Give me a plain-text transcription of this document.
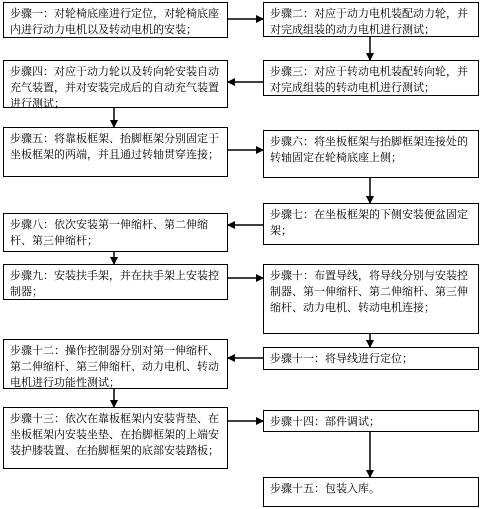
步骤一：对轮椅底座进行定位，对轮椅底座内进行动力电机以及转动电机的安装；
步骤四：对应于动力轮以及转向轮安装自动充气装置，并对安装完成后的自动充气装置进行测试；
步骤五：将靠板框架、抬脚框架分别固定于坐板框架的两端，并且通过转轴贯穿连接；
步骤八：依次安装第一伸缩杆、第二伸缩杆、第三伸缩杆；
步骤九：安装扶手架，并在扶手架上安装控制器；
步骤十二：操作控制器分别对第一伸缩杆、第二伸缩杆、第三伸缩杆、动力电机、转动电机进行功能性测试；
步骤十三：依次在靠板框架内安装背垫、在坐板框架内安装坐垫、在抬脚框架的上端安装护膝装置、在抬脚框架的底部安装踏板；
步骤二：对应于动力电机装配动力轮，并对完成组装的动力电机进行测试；
步骤三：对应于转动电机装配转向轮，并对完成组装的转动电机进行测试；
步骤六：将坐板框架与抬脚框架连接处的转轴固定在轮椅底座上侧；
步骤七：在坐板框架的下侧安装便盆固定架；
步骤十：布置导线，将导线分别与安装控制器、第一伸缩杆、第二伸缩杆、第三伸缩杆、动力电机、转动电机连接；
步骤十一：将导线进行定位；
步骤十四：部件调试；
步骤十五：包装入库。
